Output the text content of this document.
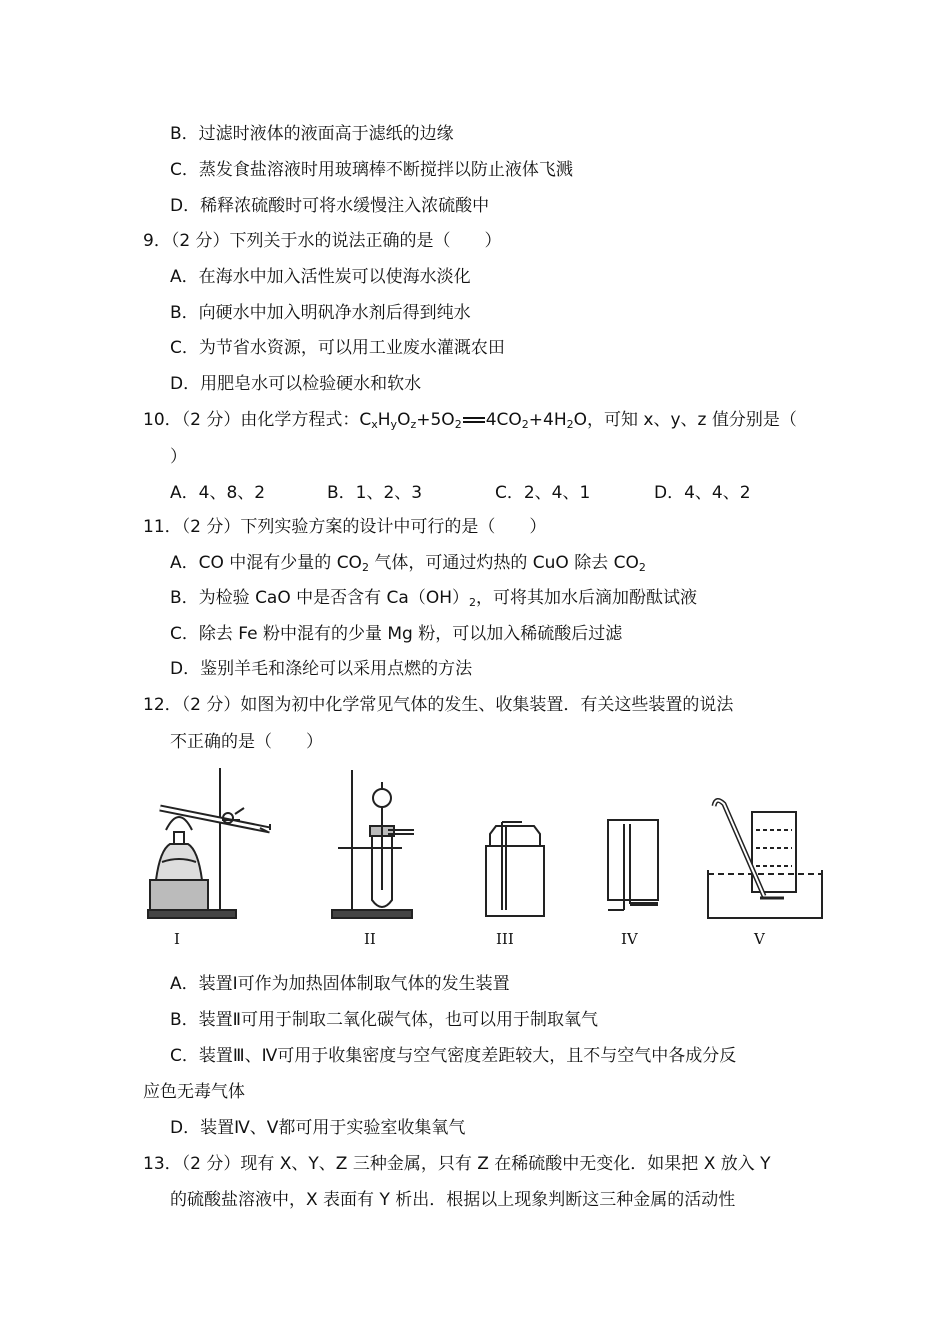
B．过滤时液体的液面高于滤纸的边缘
C．蒸发食盐溶液时用玻璃棒不断搅拌以防止液体飞溅
D．稀释浓硫酸时可将水缓慢注入浓硫酸中
9．（2 分）下列关于水的说法正确的是（　　）
A．在海水中加入活性炭可以使海水淡化
B．向硬水中加入明矾净水剂后得到纯水
C．为节省水资源，可以用工业废水灌溉农田
D．用肥皂水可以检验硬水和软水
10．（2 分）由化学方程式：$C_xH_yO_z+5O_2$ $4CO_2+4H_2O$，可知 x、y、z 值分别是（
）
A．4、8、2	B．1、2、3	C．2、4、1	D．4、4、2
11．（2 分）下列实验方案的设计中可行的是（　　）
A．CO 中混有少量的 $CO_2$ 气体，可通过灼热的 CuO 除去 $CO_2$
B．为检验 CaO 中是否含有 $Ca(OH)_2$，可将其加水后滴加酚酞试液
C．除去 Fe 粉中混有的少量 Mg 粉，可以加入稀硫酸后过滤
D．鉴别羊毛和涤纶可以采用点燃的方法
12．（2 分）如图为初中化学常见气体的发生、收集装置．有关这些装置的说法
不正确的是（　　）
I	II	III	IV	V
A．装置Ⅰ可作为加热固体制取气体的发生装置
B．装置Ⅱ可用于制取二氧化碳气体，也可以用于制取氧气
C．装置Ⅲ、Ⅳ可用于收集密度与空气密度差距较大，且不与空气中各成分反
应色无毒气体
D．装置Ⅳ、Ⅴ都可用于实验室收集氧气
13．（2 分）现有 X、Y、Z 三种金属，只有 Z 在稀硫酸中无变化．如果把 X 放入 Y
的硫酸盐溶液中，X 表面有 Y 析出．根据以上现象判断这三种金属的活动性
